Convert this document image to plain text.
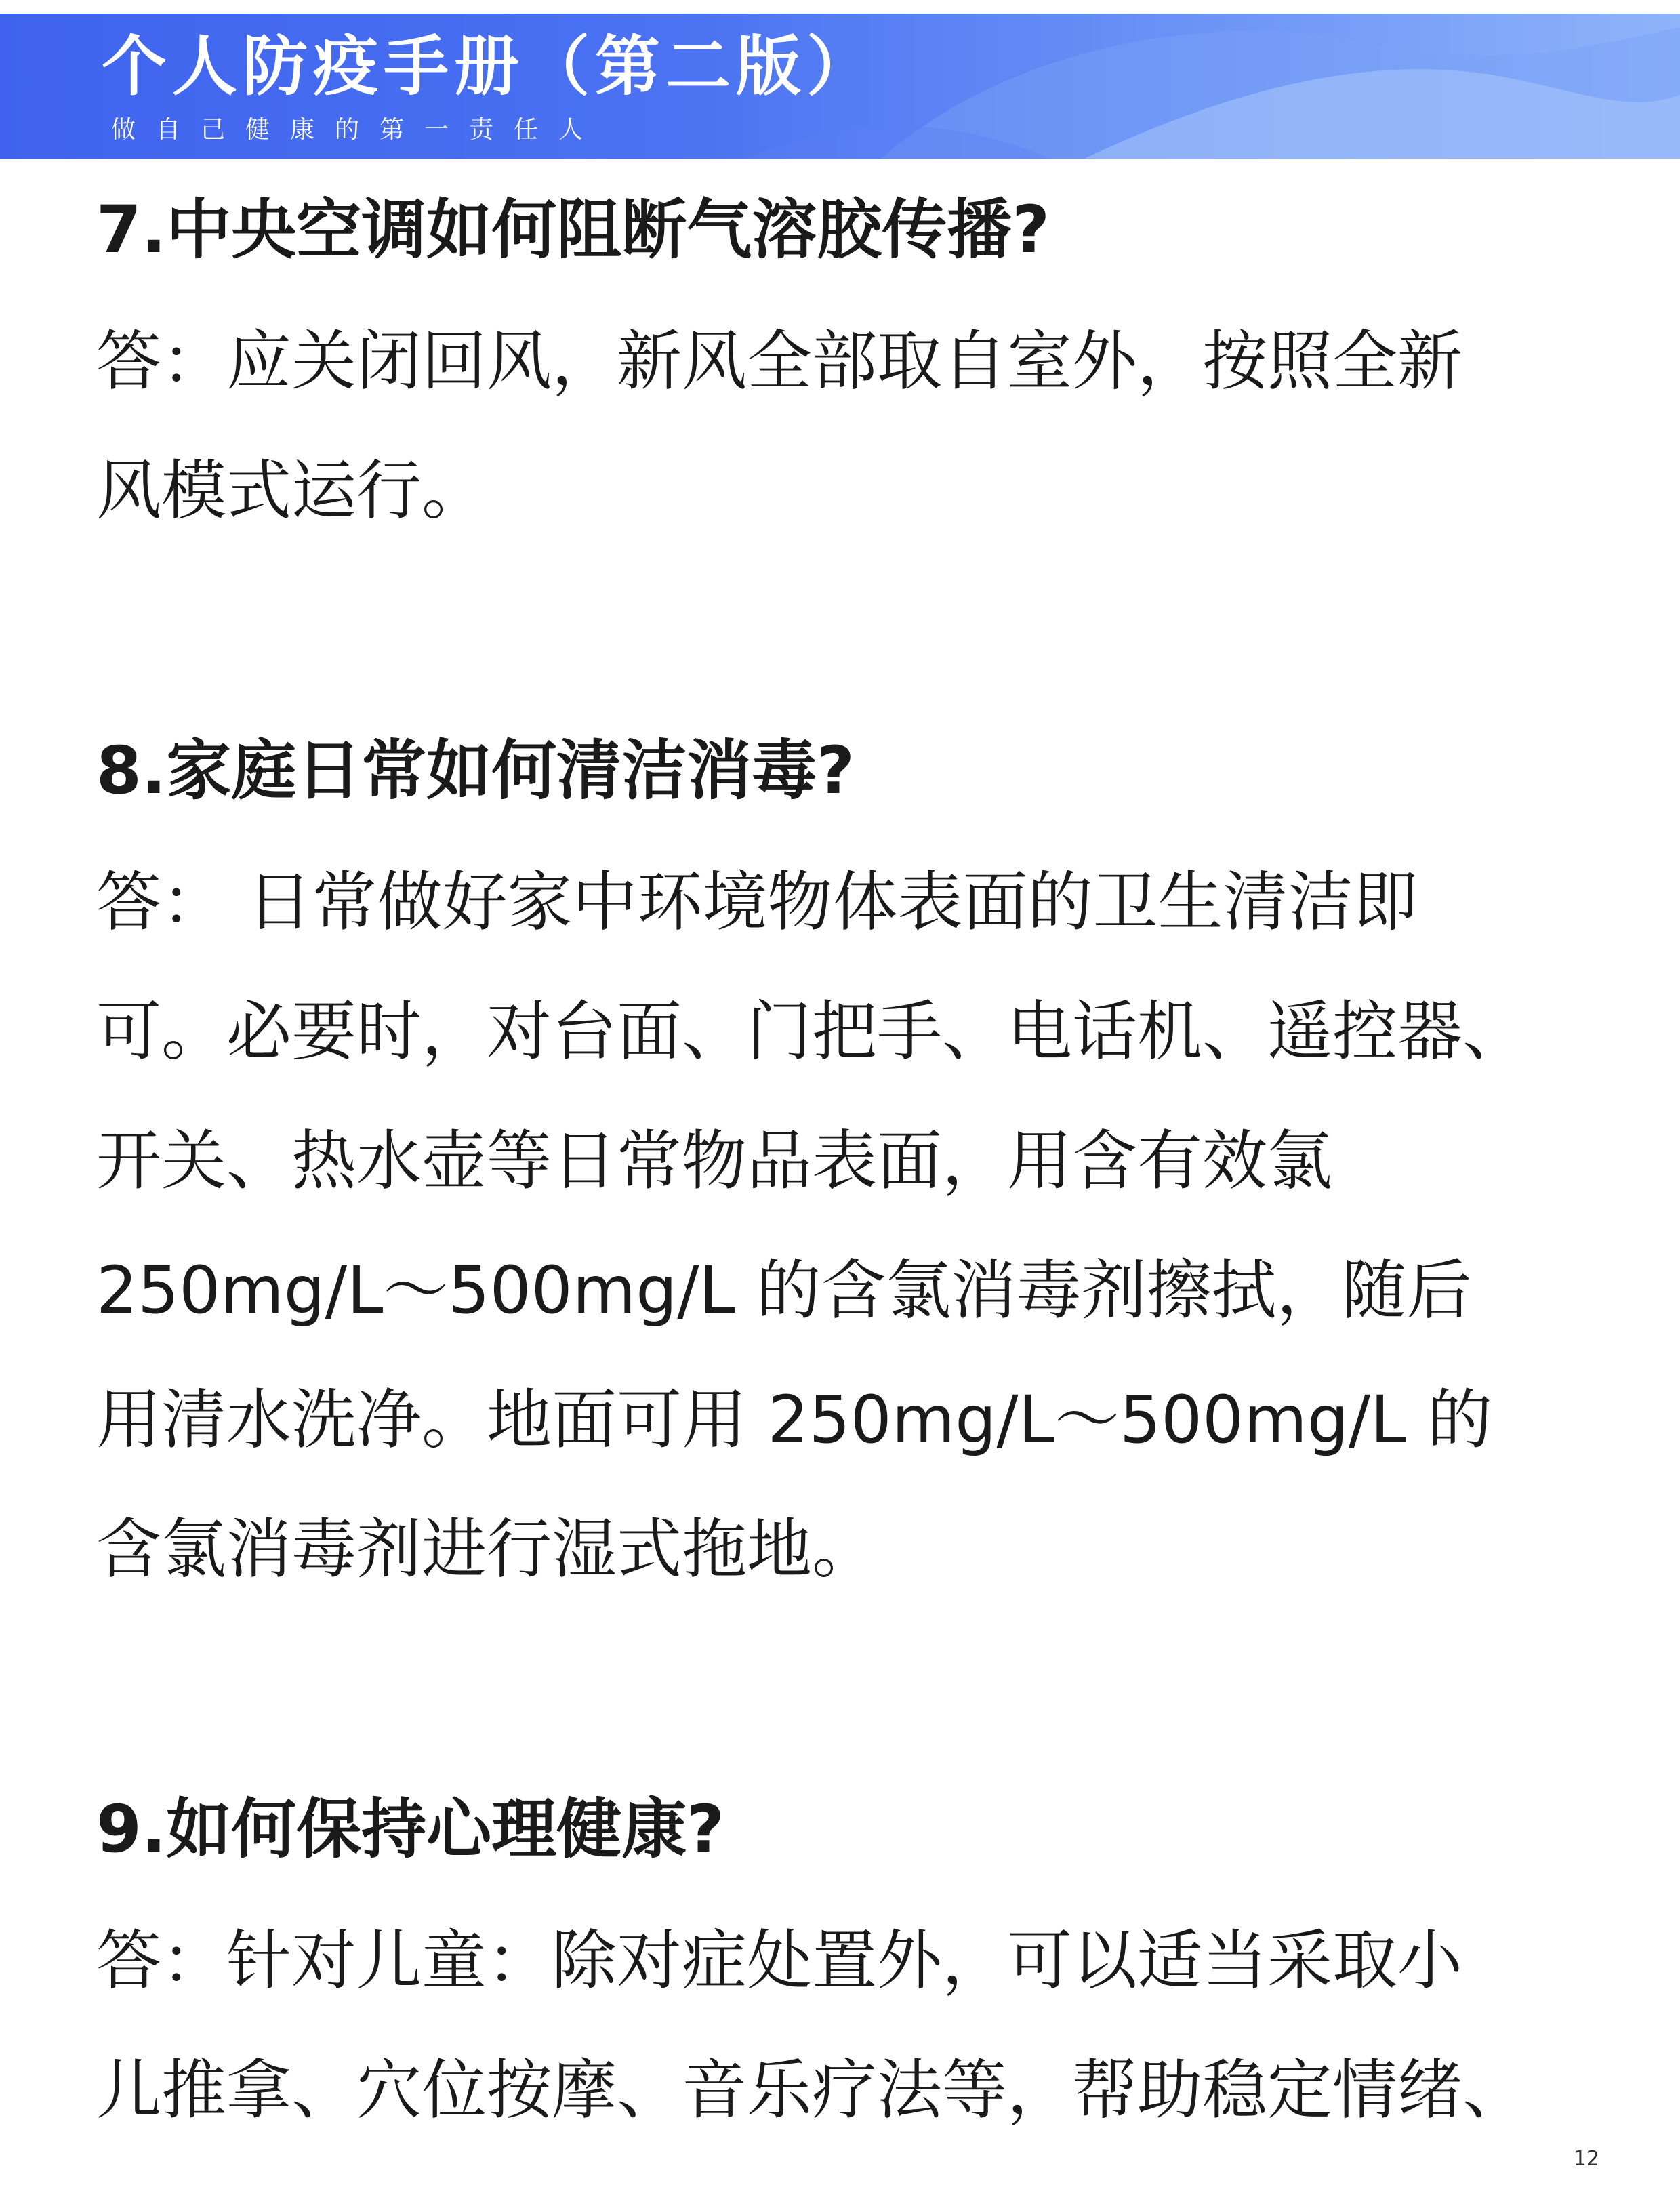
个人防疫手册（第二版）
做自己健康的第一责任人
7.中央空调如何阻断气溶胶传播?
答：应关闭回风，新风全部取自室外，按照全新
风模式运行。
8.家庭日常如何清洁消毒?
答： 日常做好家中环境物体表面的卫生清洁即
可。必要时，对台面、门把手、电话机、遥控器、
开关、热水壶等日常物品表面，用含有效氯
250mg/L～500mg/L 的含氯消毒剂擦拭，随后
用清水洗净。地面可用 250mg/L～500mg/L 的
含氯消毒剂进行湿式拖地。
9.如何保持心理健康?
答：针对儿童：除对症处置外，可以适当采取小
儿推拿、穴位按摩、音乐疗法等，帮助稳定情绪、
12
